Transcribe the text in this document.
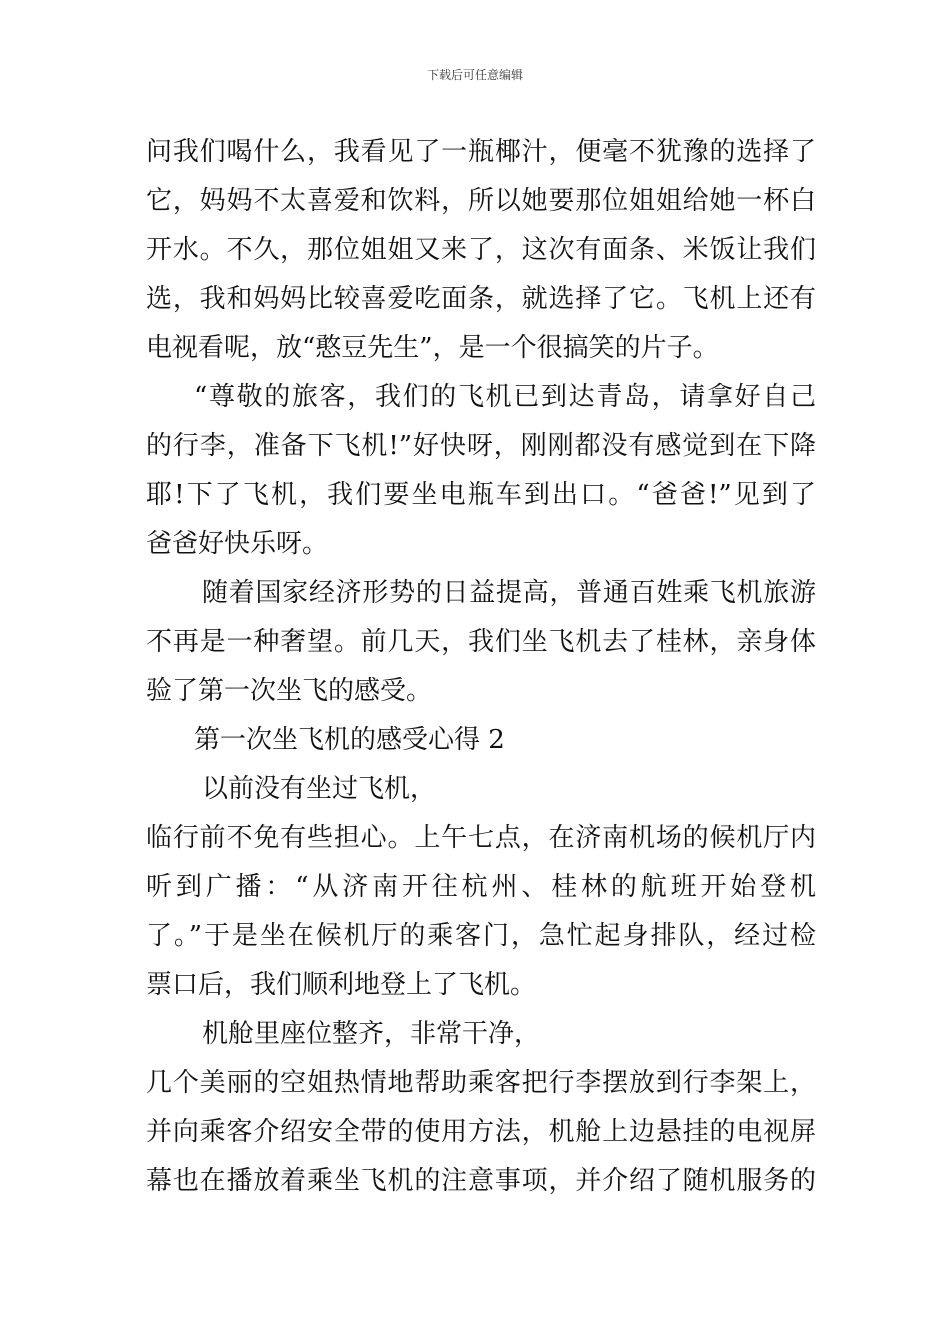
下载后可任意编辑
问我们喝什么，我看见了一瓶椰汁，便毫不犹豫的选择了
它，妈妈不太喜爱和饮料，所以她要那位姐姐给她一杯白
开水。不久，那位姐姐又来了，这次有面条、米饭让我们
选，我和妈妈比较喜爱吃面条，就选择了它。飞机上还有
电视看呢，放“憨豆先生”，是一个很搞笑的片子。
“尊敬的旅客，我们的飞机已到达青岛，请拿好自己
的行李，准备下飞机!”好快呀，刚刚都没有感觉到在下降
耶!下了飞机，我们要坐电瓶车到出口。“爸爸!”见到了
爸爸好快乐呀。
随着国家经济形势的日益提高，普通百姓乘飞机旅游
不再是一种奢望。前几天，我们坐飞机去了桂林，亲身体
验了第一次坐飞的感受。
第一次坐飞机的感受心得 2
以前没有坐过飞机，
临行前不免有些担心。上午七点，在济南机场的候机厅内
听到广播：“从济南开往杭州、桂林的航班开始登机
了。”于是坐在候机厅的乘客门，急忙起身排队，经过检
票口后，我们顺利地登上了飞机。
机舱里座位整齐，非常干净，
几个美丽的空姐热情地帮助乘客把行李摆放到行李架上，
并向乘客介绍安全带的使用方法，机舱上边悬挂的电视屏
幕也在播放着乘坐飞机的注意事项，并介绍了随机服务的
